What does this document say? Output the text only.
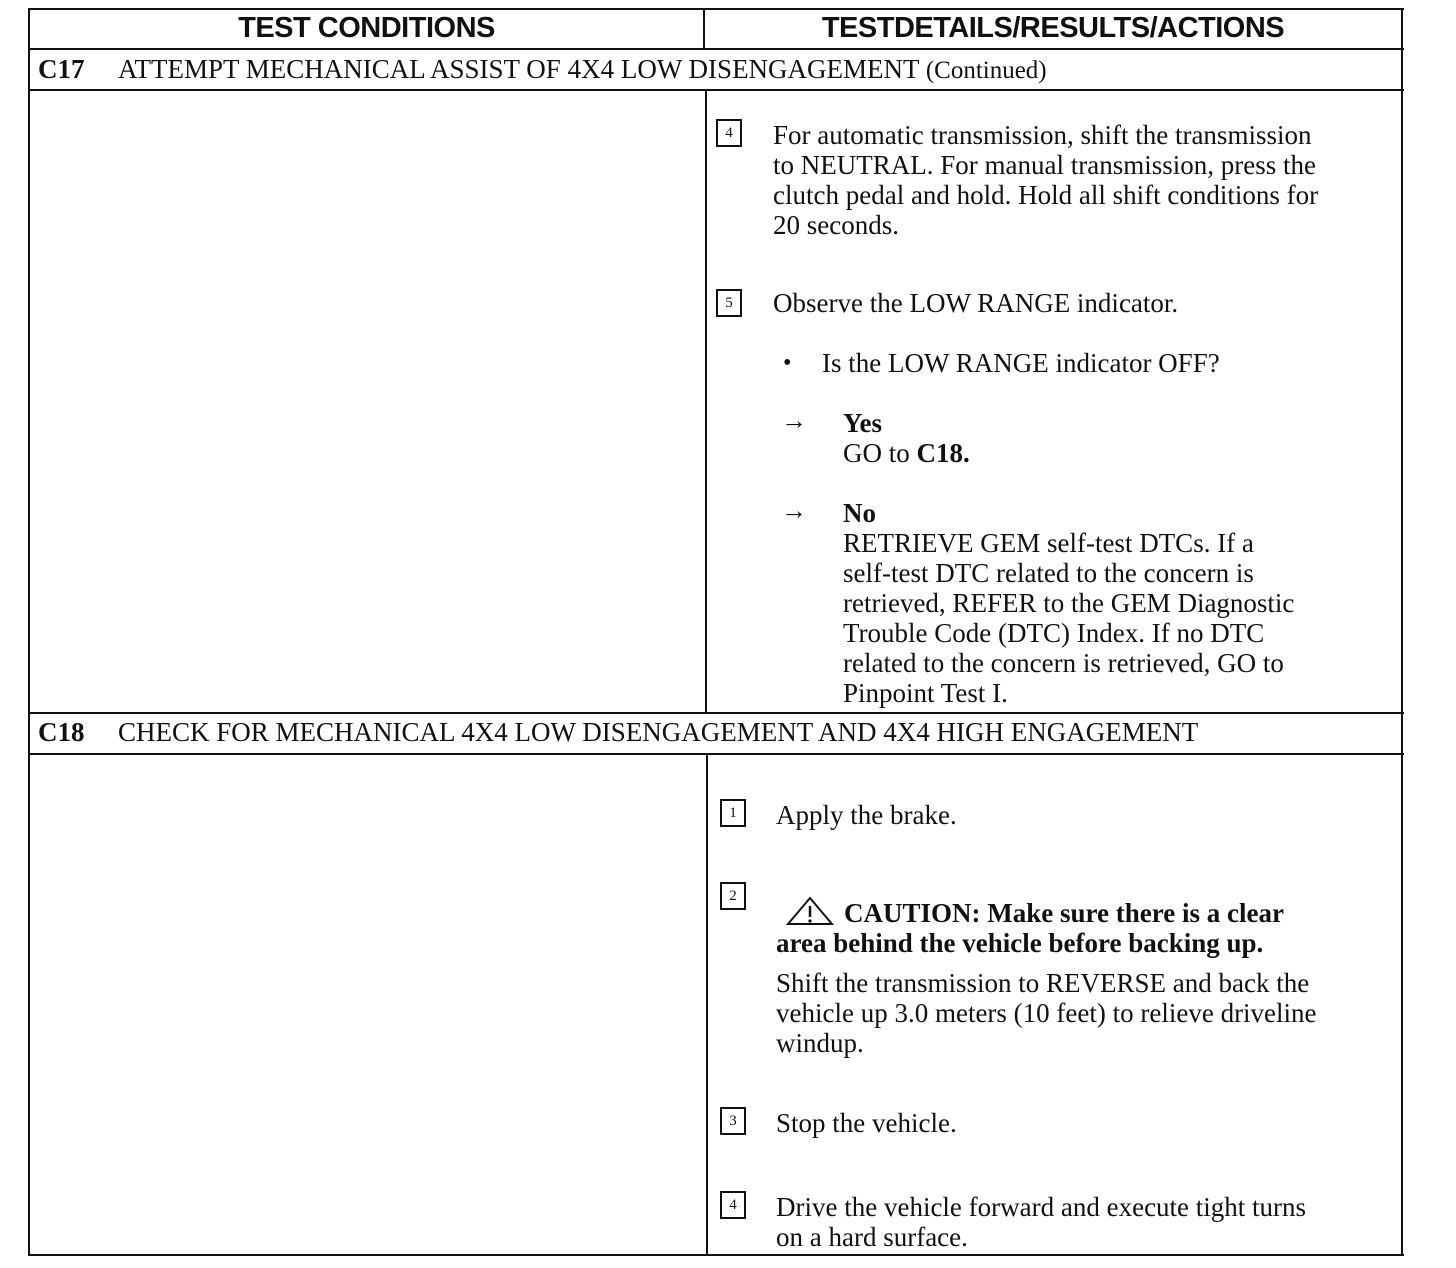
TEST CONDITIONS	TESTDETAILS/RESULTS/ACTIONS
C17 ATTEMPT MECHANICAL ASSIST OF 4X4 LOW DISENGAGEMENT (Continued)
4	For automatic transmission, shift the transmission
to NEUTRAL. For manual transmission, press the
clutch pedal and hold. Hold all shift conditions for
20 seconds.
5	Observe the LOW RANGE indicator.
• Is the LOW RANGE indicator OFF?
→ Yes
GO to C18.
→ No
RETRIEVE GEM self-test DTCs. If a
self-test DTC related to the concern is
retrieved, REFER to the GEM Diagnostic
Trouble Code (DTC) Index. If no DTC
related to the concern is retrieved, GO to
Pinpoint Test I.
C18 CHECK FOR MECHANICAL 4X4 LOW DISENGAGEMENT AND 4X4 HIGH ENGAGEMENT
1	Apply the brake.
2
CAUTION: Make sure there is a clear
area behind the vehicle before backing up.
Shift the transmission to REVERSE and back the
vehicle up 3.0 meters (10 feet) to relieve driveline
windup.
3	Stop the vehicle.
4	Drive the vehicle forward and execute tight turns
on a hard surface.
